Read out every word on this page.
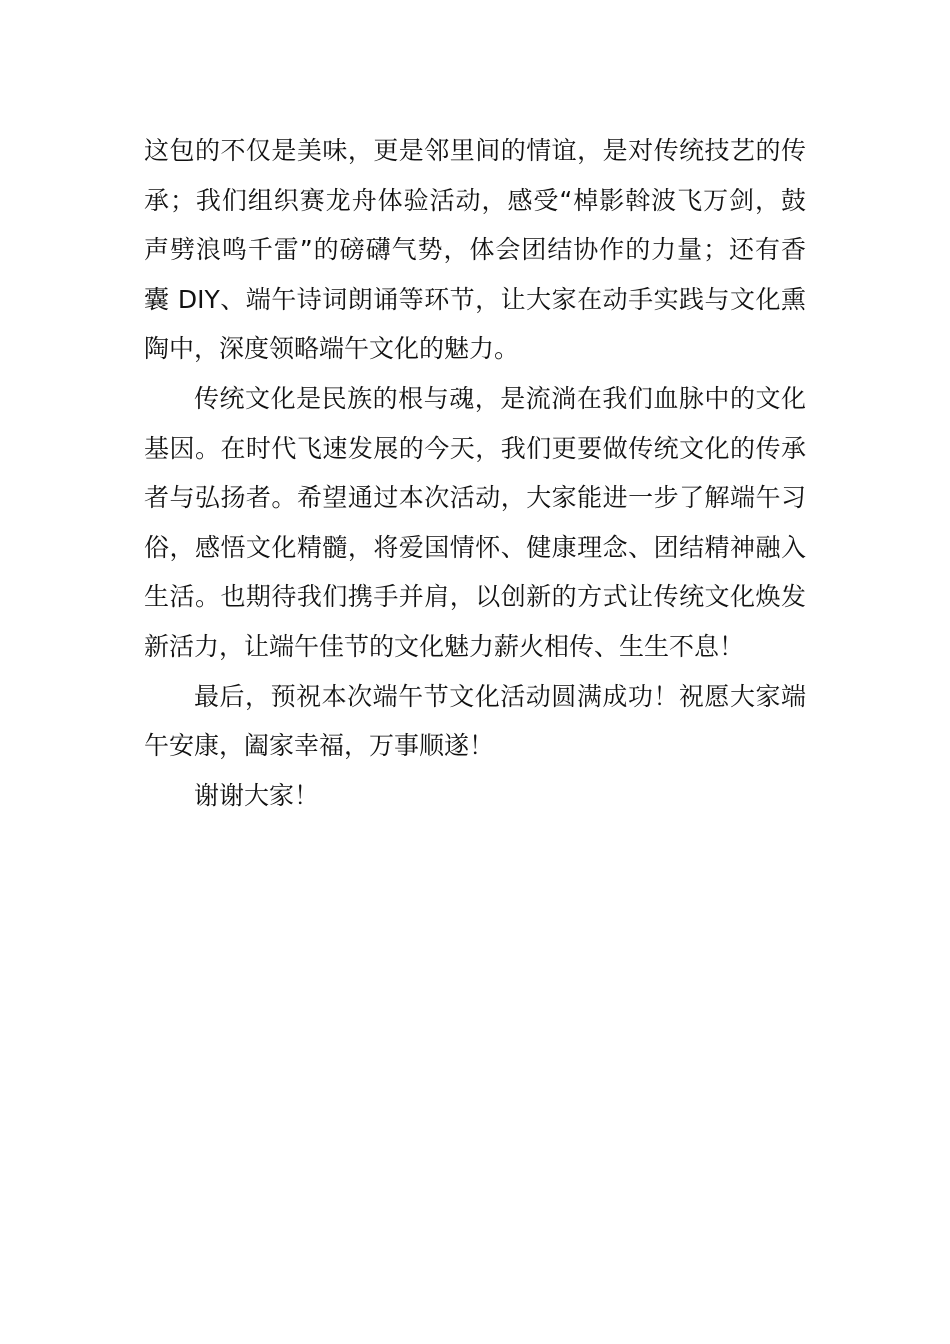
这包的不仅是美味，更是邻里间的情谊，是对传统技艺的传承；我们组织赛龙舟体验活动，感受“棹影斡波飞万剑，鼓声劈浪鸣千雷”的磅礴气势，体会团结协作的力量；还有香囊 DIY、端午诗词朗诵等环节，让大家在动手实践与文化熏陶中，深度领略端午文化的魅力。

传统文化是民族的根与魂，是流淌在我们血脉中的文化基因。在时代飞速发展的今天，我们更要做传统文化的传承者与弘扬者。希望通过本次活动，大家能进一步了解端午习俗，感悟文化精髓，将爱国情怀、健康理念、团结精神融入生活。也期待我们携手并肩，以创新的方式让传统文化焕发新活力，让端午佳节的文化魅力薪火相传、生生不息！

最后，预祝本次端午节文化活动圆满成功！祝愿大家端午安康，阖家幸福，万事顺遂！

谢谢大家！
